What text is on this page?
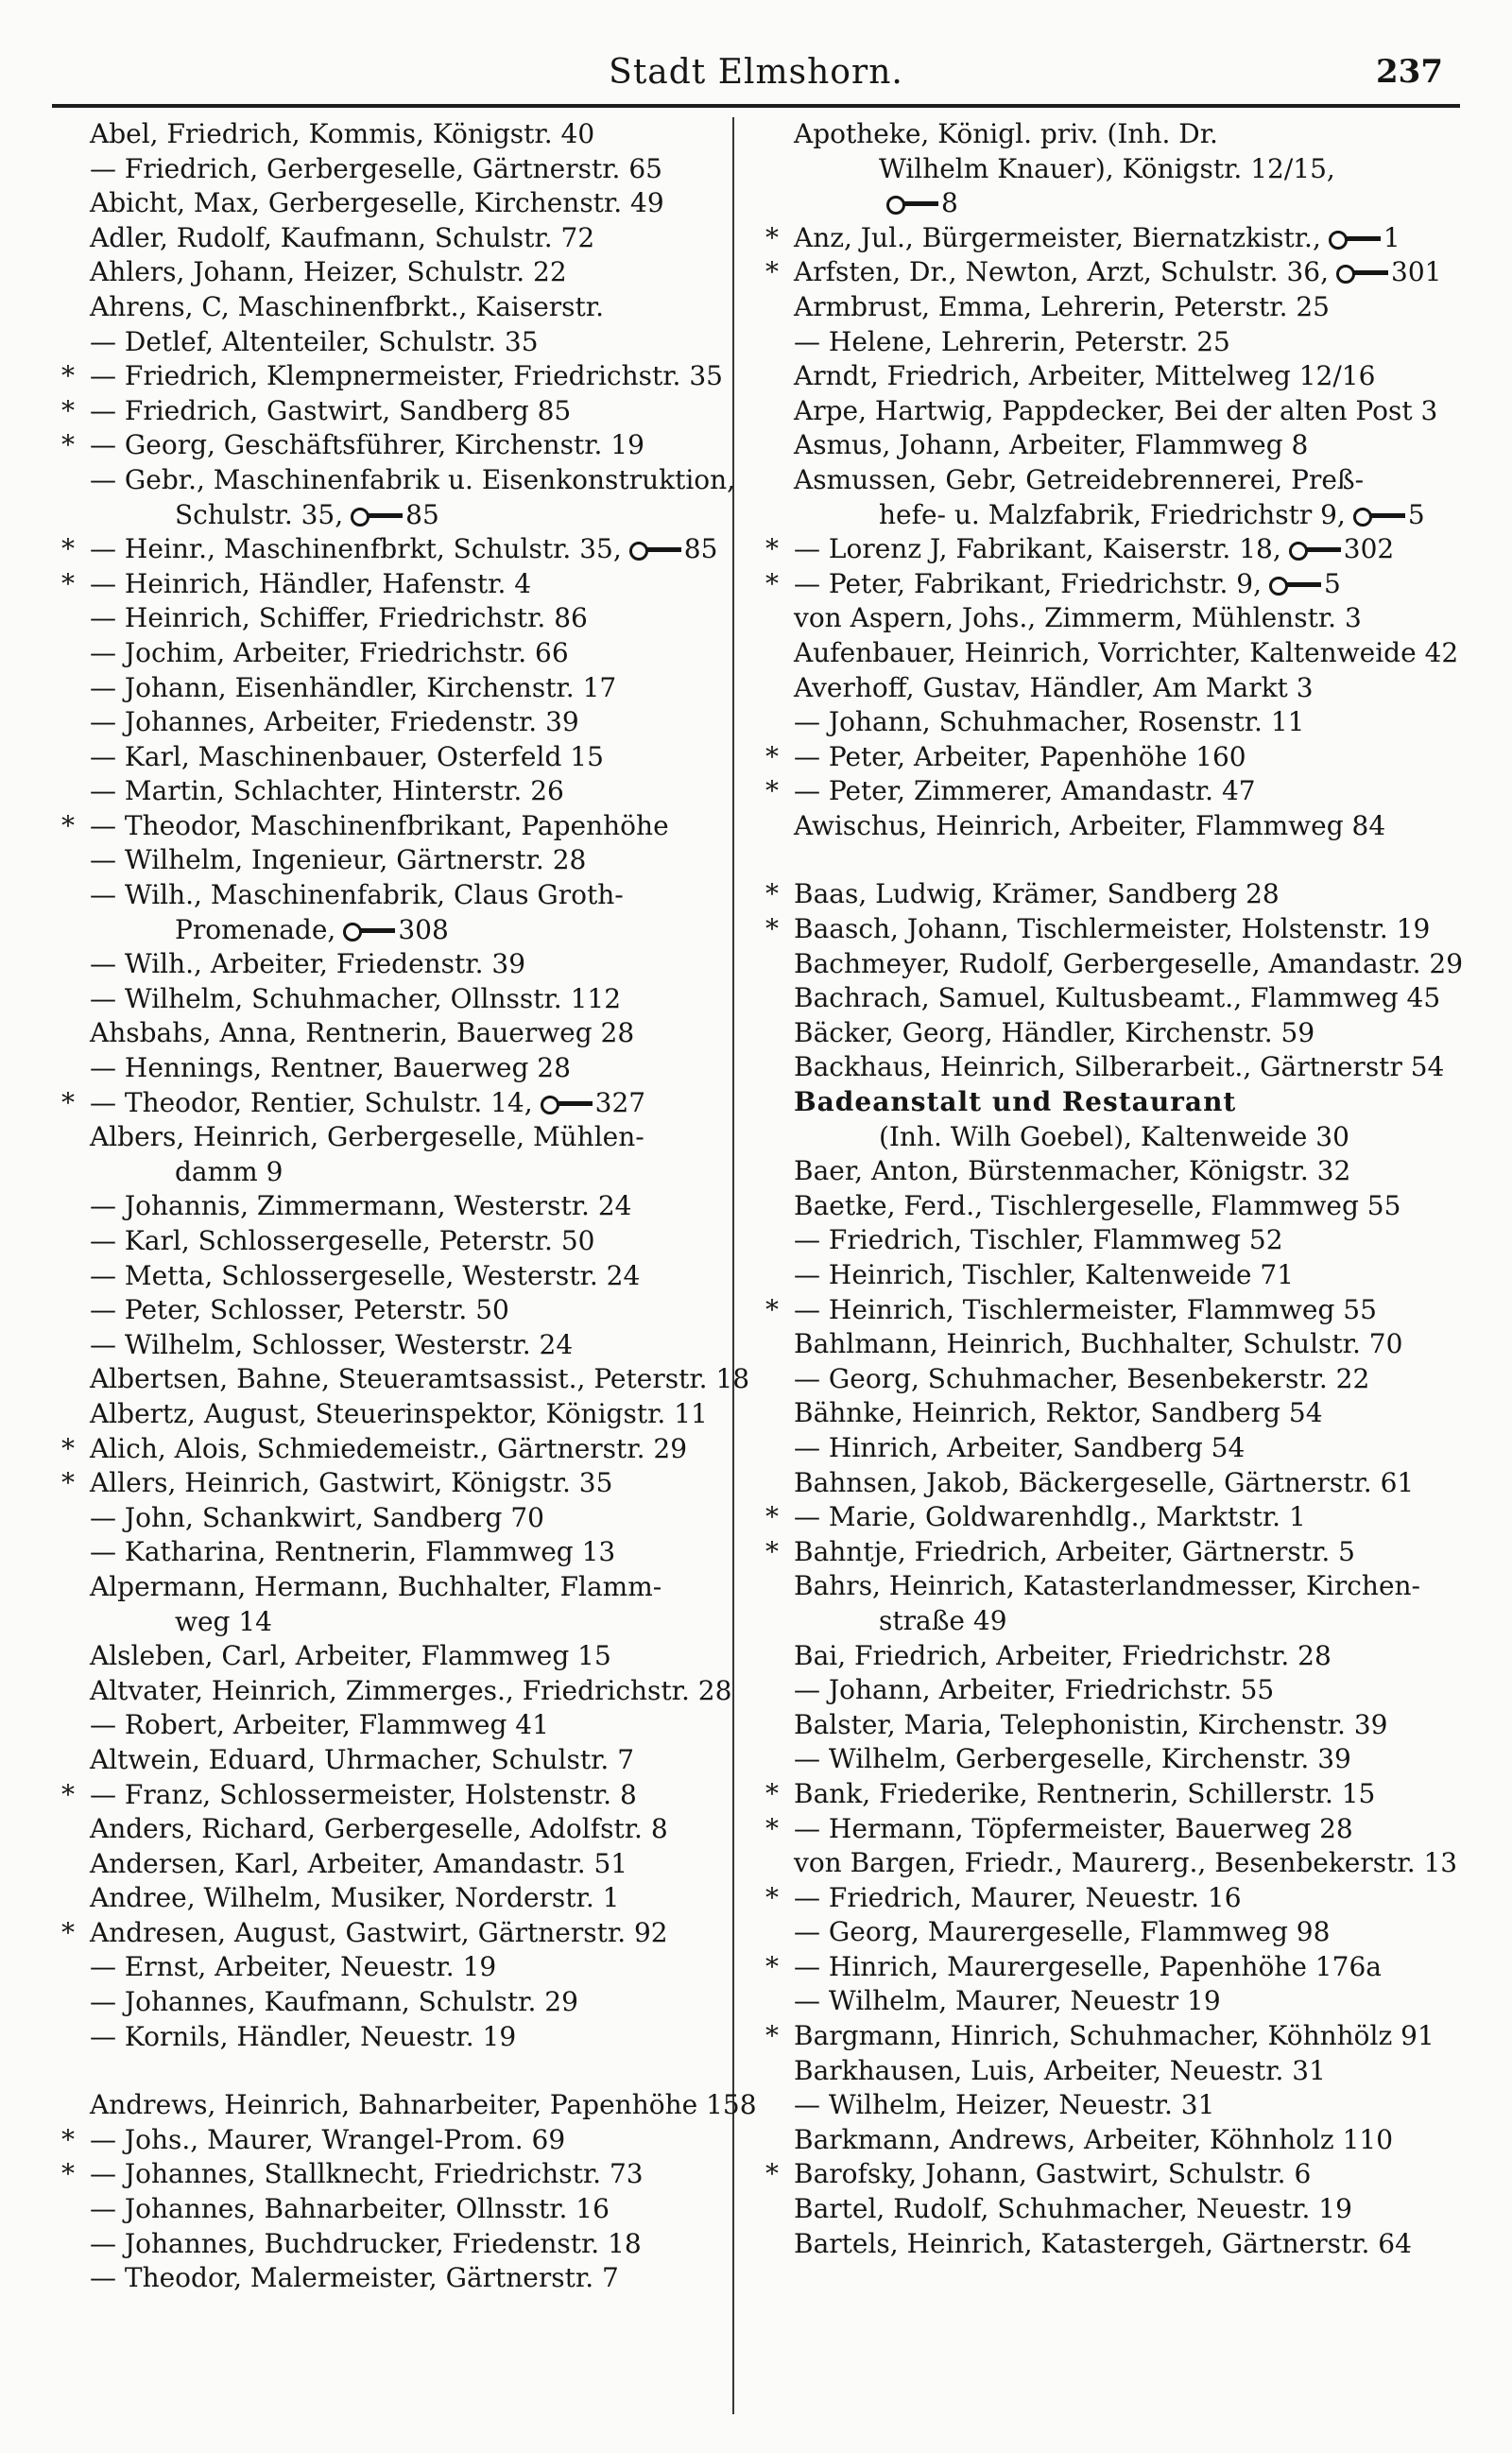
Stadt Elmshorn.	237
Abel, Friedrich, Kommis, Königstr. 40
— Friedrich, Gerbergeselle, Gärtnerstr. 65
Abicht, Max, Gerbergeselle, Kirchenstr. 49
Adler, Rudolf, Kaufmann, Schulstr. 72
Ahlers, Johann, Heizer, Schulstr. 22
Ahrens, C, Maschinenfbrkt., Kaiserstr.
— Detlef, Altenteiler, Schulstr. 35
* — Friedrich, Klempnermeister, Friedrichstr. 35
* — Friedrich, Gastwirt, Sandberg 85
* — Georg, Geschäftsführer, Kirchenstr. 19
— Gebr., Maschinenfabrik u. Eisenkonstruktion,
Schulstr. 35, 85
* — Heinr., Maschinenfbrkt, Schulstr. 35, 85
* — Heinrich, Händler, Hafenstr. 4
— Heinrich, Schiffer, Friedrichstr. 86
— Jochim, Arbeiter, Friedrichstr. 66
— Johann, Eisenhändler, Kirchenstr. 17
— Johannes, Arbeiter, Friedenstr. 39
— Karl, Maschinenbauer, Osterfeld 15
— Martin, Schlachter, Hinterstr. 26
* — Theodor, Maschinenfbrikant, Papenhöhe
— Wilhelm, Ingenieur, Gärtnerstr. 28
— Wilh., Maschinenfabrik, Claus Groth-
Promenade, 308
— Wilh., Arbeiter, Friedenstr. 39
— Wilhelm, Schuhmacher, Ollnsstr. 112
Ahsbahs, Anna, Rentnerin, Bauerweg 28
— Hennings, Rentner, Bauerweg 28
* — Theodor, Rentier, Schulstr. 14, 327
Albers, Heinrich, Gerbergeselle, Mühlen-
damm 9
— Johannis, Zimmermann, Westerstr. 24
— Karl, Schlossergeselle, Peterstr. 50
— Metta, Schlossergeselle, Westerstr. 24
— Peter, Schlosser, Peterstr. 50
— Wilhelm, Schlosser, Westerstr. 24
Albertsen, Bahne, Steueramtsassist., Peterstr. 18
Albertz, August, Steuerinspektor, Königstr. 11
* Alich, Alois, Schmiedemeistr., Gärtnerstr. 29
* Allers, Heinrich, Gastwirt, Königstr. 35
— John, Schankwirt, Sandberg 70
— Katharina, Rentnerin, Flammweg 13
Alpermann, Hermann, Buchhalter, Flamm-
weg 14
Alsleben, Carl, Arbeiter, Flammweg 15
Altvater, Heinrich, Zimmerges., Friedrichstr. 28
— Robert, Arbeiter, Flammweg 41
Altwein, Eduard, Uhrmacher, Schulstr. 7
* — Franz, Schlossermeister, Holstenstr. 8
Anders, Richard, Gerbergeselle, Adolfstr. 8
Andersen, Karl, Arbeiter, Amandastr. 51
Andree, Wilhelm, Musiker, Norderstr. 1
* Andresen, August, Gastwirt, Gärtnerstr. 92
— Ernst, Arbeiter, Neuestr. 19
— Johannes, Kaufmann, Schulstr. 29
— Kornils, Händler, Neuestr. 19
Andrews, Heinrich, Bahnarbeiter, Papenhöhe 158
* — Johs., Maurer, Wrangel-Prom. 69
* — Johannes, Stallknecht, Friedrichstr. 73
— Johannes, Bahnarbeiter, Ollnsstr. 16
— Johannes, Buchdrucker, Friedenstr. 18
— Theodor, Malermeister, Gärtnerstr. 7
Apotheke, Königl. priv. (Inh. Dr.
Wilhelm Knauer), Königstr. 12/15,
8
* Anz, Jul., Bürgermeister, Biernatzkistr., 1
* Arfsten, Dr., Newton, Arzt, Schulstr. 36, 301
Armbrust, Emma, Lehrerin, Peterstr. 25
— Helene, Lehrerin, Peterstr. 25
Arndt, Friedrich, Arbeiter, Mittelweg 12/16
Arpe, Hartwig, Pappdecker, Bei der alten Post 3
Asmus, Johann, Arbeiter, Flammweg 8
Asmussen, Gebr, Getreidebrennerei, Preß-
hefe- u. Malzfabrik, Friedrichstr 9, 5
* — Lorenz J, Fabrikant, Kaiserstr. 18, 302
* — Peter, Fabrikant, Friedrichstr. 9, 5
von Aspern, Johs., Zimmerm, Mühlenstr. 3
Aufenbauer, Heinrich, Vorrichter, Kaltenweide 42
Averhoff, Gustav, Händler, Am Markt 3
— Johann, Schuhmacher, Rosenstr. 11
* — Peter, Arbeiter, Papenhöhe 160
* — Peter, Zimmerer, Amandastr. 47
Awischus, Heinrich, Arbeiter, Flammweg 84
* Baas, Ludwig, Krämer, Sandberg 28
* Baasch, Johann, Tischlermeister, Holstenstr. 19
Bachmeyer, Rudolf, Gerbergeselle, Amandastr. 29
Bachrach, Samuel, Kultusbeamt., Flammweg 45
Bäcker, Georg, Händler, Kirchenstr. 59
Backhaus, Heinrich, Silberarbeit., Gärtnerstr 54
Badeanstalt und Restaurant
(Inh. Wilh Goebel), Kaltenweide 30
Baer, Anton, Bürstenmacher, Königstr. 32
Baetke, Ferd., Tischlergeselle, Flammweg 55
— Friedrich, Tischler, Flammweg 52
— Heinrich, Tischler, Kaltenweide 71
* — Heinrich, Tischlermeister, Flammweg 55
Bahlmann, Heinrich, Buchhalter, Schulstr. 70
— Georg, Schuhmacher, Besenbekerstr. 22
Bähnke, Heinrich, Rektor, Sandberg 54
— Hinrich, Arbeiter, Sandberg 54
Bahnsen, Jakob, Bäckergeselle, Gärtnerstr. 61
* — Marie, Goldwarenhdlg., Marktstr. 1
* Bahntje, Friedrich, Arbeiter, Gärtnerstr. 5
Bahrs, Heinrich, Katasterlandmesser, Kirchen-
straße 49
Bai, Friedrich, Arbeiter, Friedrichstr. 28
— Johann, Arbeiter, Friedrichstr. 55
Balster, Maria, Telephonistin, Kirchenstr. 39
— Wilhelm, Gerbergeselle, Kirchenstr. 39
* Bank, Friederike, Rentnerin, Schillerstr. 15
* — Hermann, Töpfermeister, Bauerweg 28
von Bargen, Friedr., Maurerg., Besenbekerstr. 13
* — Friedrich, Maurer, Neuestr. 16
— Georg, Maurergeselle, Flammweg 98
* — Hinrich, Maurergeselle, Papenhöhe 176a
— Wilhelm, Maurer, Neuestr 19
* Bargmann, Hinrich, Schuhmacher, Köhnhölz 91
Barkhausen, Luis, Arbeiter, Neuestr. 31
— Wilhelm, Heizer, Neuestr. 31
Barkmann, Andrews, Arbeiter, Köhnholz 110
* Barofsky, Johann, Gastwirt, Schulstr. 6
Bartel, Rudolf, Schuhmacher, Neuestr. 19
Bartels, Heinrich, Katastergeh, Gärtnerstr. 64
